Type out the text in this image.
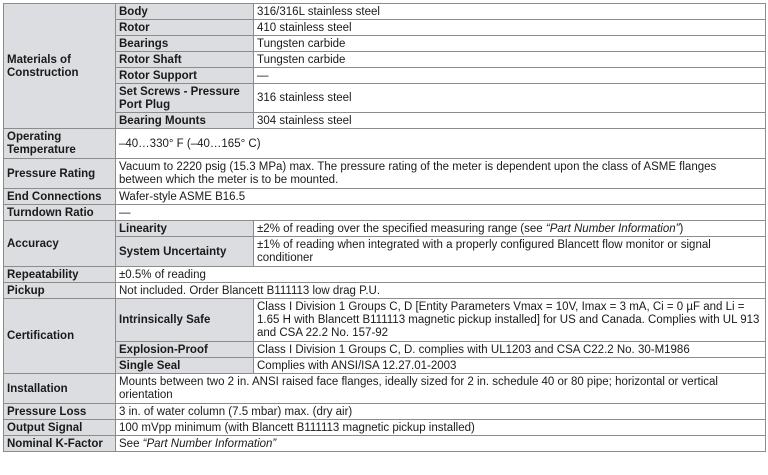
Materials of Construction	Body	316/316L stainless steel
	Rotor	410 stainless steel
	Bearings	Tungsten carbide
	Rotor Shaft	Tungsten carbide
	Rotor Support	—
	Set Screws - Pressure Port Plug	316 stainless steel
	Bearing Mounts	304 stainless steel
Operating Temperature	–40…330° F (–40…165° C)	
Pressure Rating	Vacuum to 2220 psig (15.3 MPa) max. The pressure rating of the meter is dependent upon the class of ASME flanges between which the meter is to be mounted.	
End Connections	Wafer-style ASME B16.5	
Turndown Ratio	—	
Accuracy	Linearity	±2% of reading over the specified measuring range (see “Part Number Information”)
	System Uncertainty	±1% of reading when integrated with a properly configured Blancett flow monitor or signal conditioner
Repeatability	±0.5% of reading	
Pickup	Not included. Order Blancett B111113 low drag P.U.	
Certification	Intrinsically Safe	Class I Division 1 Groups C, D [Entity Parameters Vmax = 10V, Imax = 3 mA, Ci = 0 µF and Li = 1.65 H with Blancett B111113 magnetic pickup installed] for US and Canada. Complies with UL 913 and CSA 22.2 No. 157-92
	Explosion-Proof	Class I Division 1 Groups C, D. complies with UL1203 and CSA C22.2 No. 30-M1986
	Single Seal	Complies with ANSI/ISA 12.27.01-2003
Installation	Mounts between two 2 in. ANSI raised face flanges, ideally sized for 2 in. schedule 40 or 80 pipe; horizontal or vertical orientation	
Pressure Loss	3 in. of water column (7.5 mbar) max. (dry air)	
Output Signal	100 mVpp minimum (with Blancett B111113 magnetic pickup installed)	
Nominal K-Factor	See “Part Number Information”	
